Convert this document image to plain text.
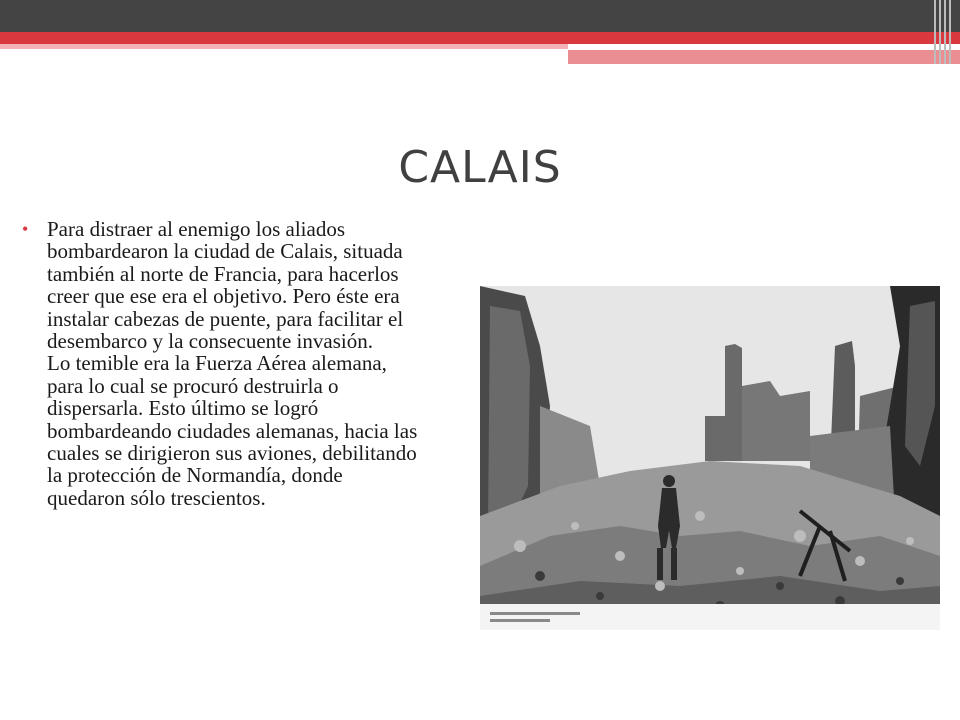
CALAIS
• Para distraer al enemigo los aliados bombardearon la ciudad de Calais, situada también al norte de Francia, para hacerlos creer que ese era el objetivo. Pero éste era instalar cabezas de puente, para facilitar el desembarco y la consecuente invasión.
Lo temible era la Fuerza Aérea alemana, para lo cual se procuró destruirla o dispersarla. Esto último se logró bombardeando ciudades alemanas, hacia las cuales se dirigieron sus aviones, debilitando la protección de Normandía, donde quedaron sólo trescientos.
